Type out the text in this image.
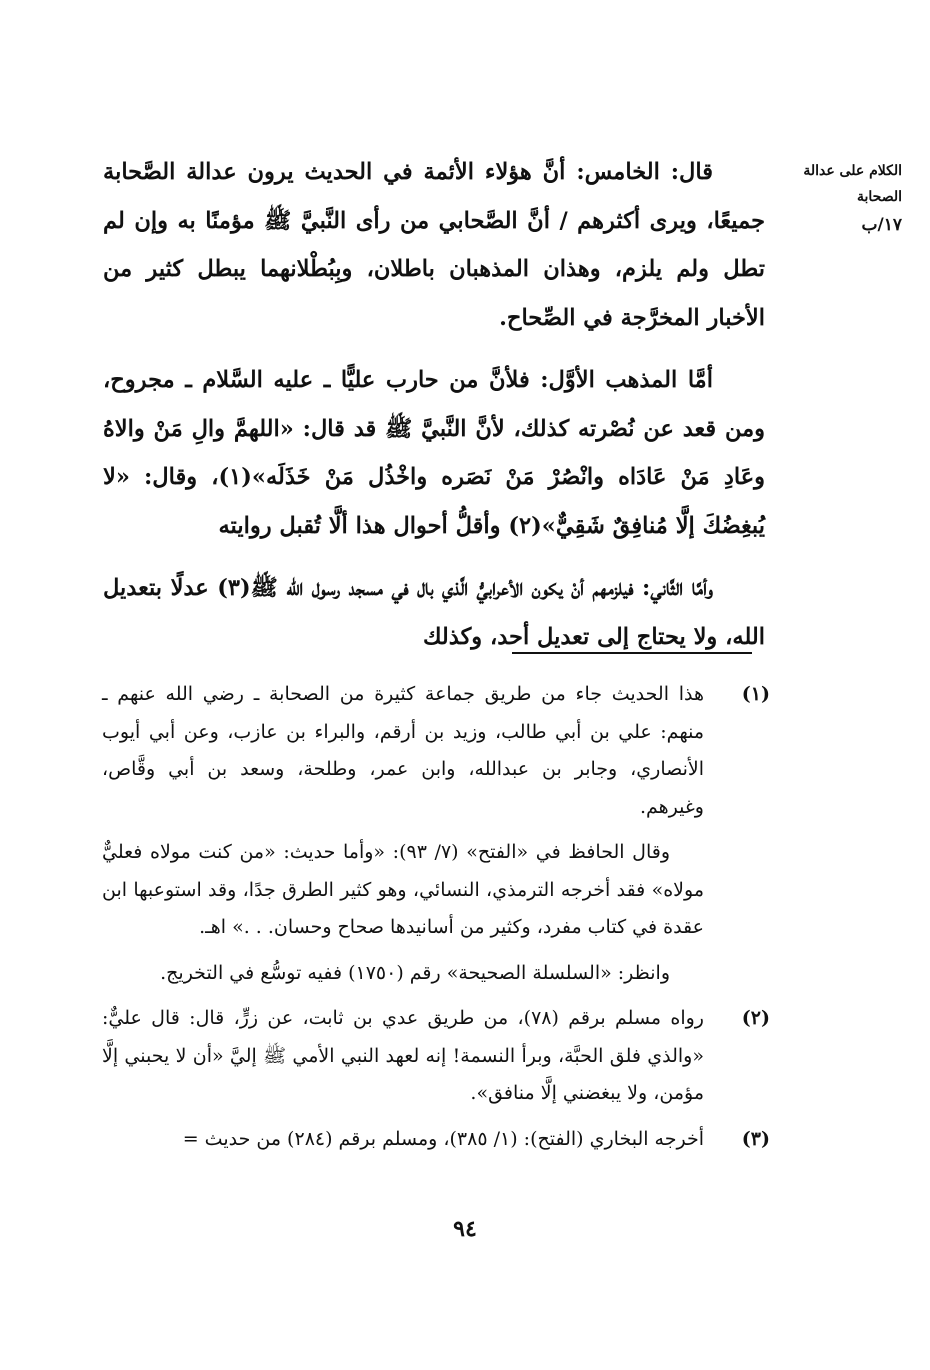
الكلام على عدالة
الصحابة
١٧/ب

قال: الخامس: أنَّ هؤلاء الأئمة في الحديث يرون عدالة الصَّحابة جميعًا، ويرى أكثرهم / أنَّ الصَّحابي من رأى النَّبيَّ ﷺ مؤمنًا به وإن لم تطل ولم يلزم، وهذان المذهبان باطلان، وبِبُطْلانهما يبطل كثير من الأخبار المخرَّجة في الصِّحاح.

أمَّا المذهب الأوَّل: فلأنَّ من حارب عليًّا ـ عليه السَّلام ـ مجروح، ومن قعد عن نُصْرته كذلك، لأنَّ النَّبيَّ ﷺ قد قال: «اللهمَّ والِ مَنْ والاهُ وعَادِ مَنْ عَادَاه وانْصُرْ مَنْ نَصَره واخْذُل مَنْ خَذَلَه»(١)، وقال: «لا يُبغِضُكَ إلَّا مُنافِقٌ شَقِيٌّ»(٢) وأقلُّ أحوال هذا ألَّا تُقبل روايته

وأمَّا الثَّاني: فيلزمهم أنْ يكون الأعرابيُّ الَّذي بال في مسجد رسول الله ﷺ(٣) عدلًا بتعديل الله، ولا يحتاج إلى تعديل أحد، وكذلك

(١)

هذا الحديث جاء من طريق جماعة كثيرة من الصحابة ـ رضي الله عنهم ـ منهم: علي بن أبي طالب، وزيد بن أرقم، والبراء بن عازب، وعن أبي أيوب الأنصاري، وجابر بن عبدالله، وابن عمر، وطلحة، وسعد بن أبي وقَّاص، وغيرهم.

وقال الحافظ في «الفتح» (٧/ ٩٣): «وأما حديث: «من كنت مولاه فعليٌّ مولاه» فقد أخرجه الترمذي، النسائي، وهو كثير الطرق جدًا، وقد استوعبها ابن عقدة في كتاب مفرد، وكثير من أسانيدها صحاح وحسان. . .» اهـ.

وانظر: «السلسلة الصحيحة» رقم (١٧٥٠) ففيه توسُّع في التخريج.

(٢)

رواه مسلم برقم (٧٨)، من طريق عدي بن ثابت، عن زرٍّ، قال: قال عليٌّ: «والذي فلق الحبَّة، وبرأ النسمة! إنه لعهد النبي الأمي ﷺ إليَّ «أن لا يحبني إلَّا مؤمن، ولا يبغضني إلَّا منافق».

(٣)

أخرجه البخاري (الفتح): (١/ ٣٨٥)، ومسلم برقم (٢٨٤) من حديث =

٩٤
